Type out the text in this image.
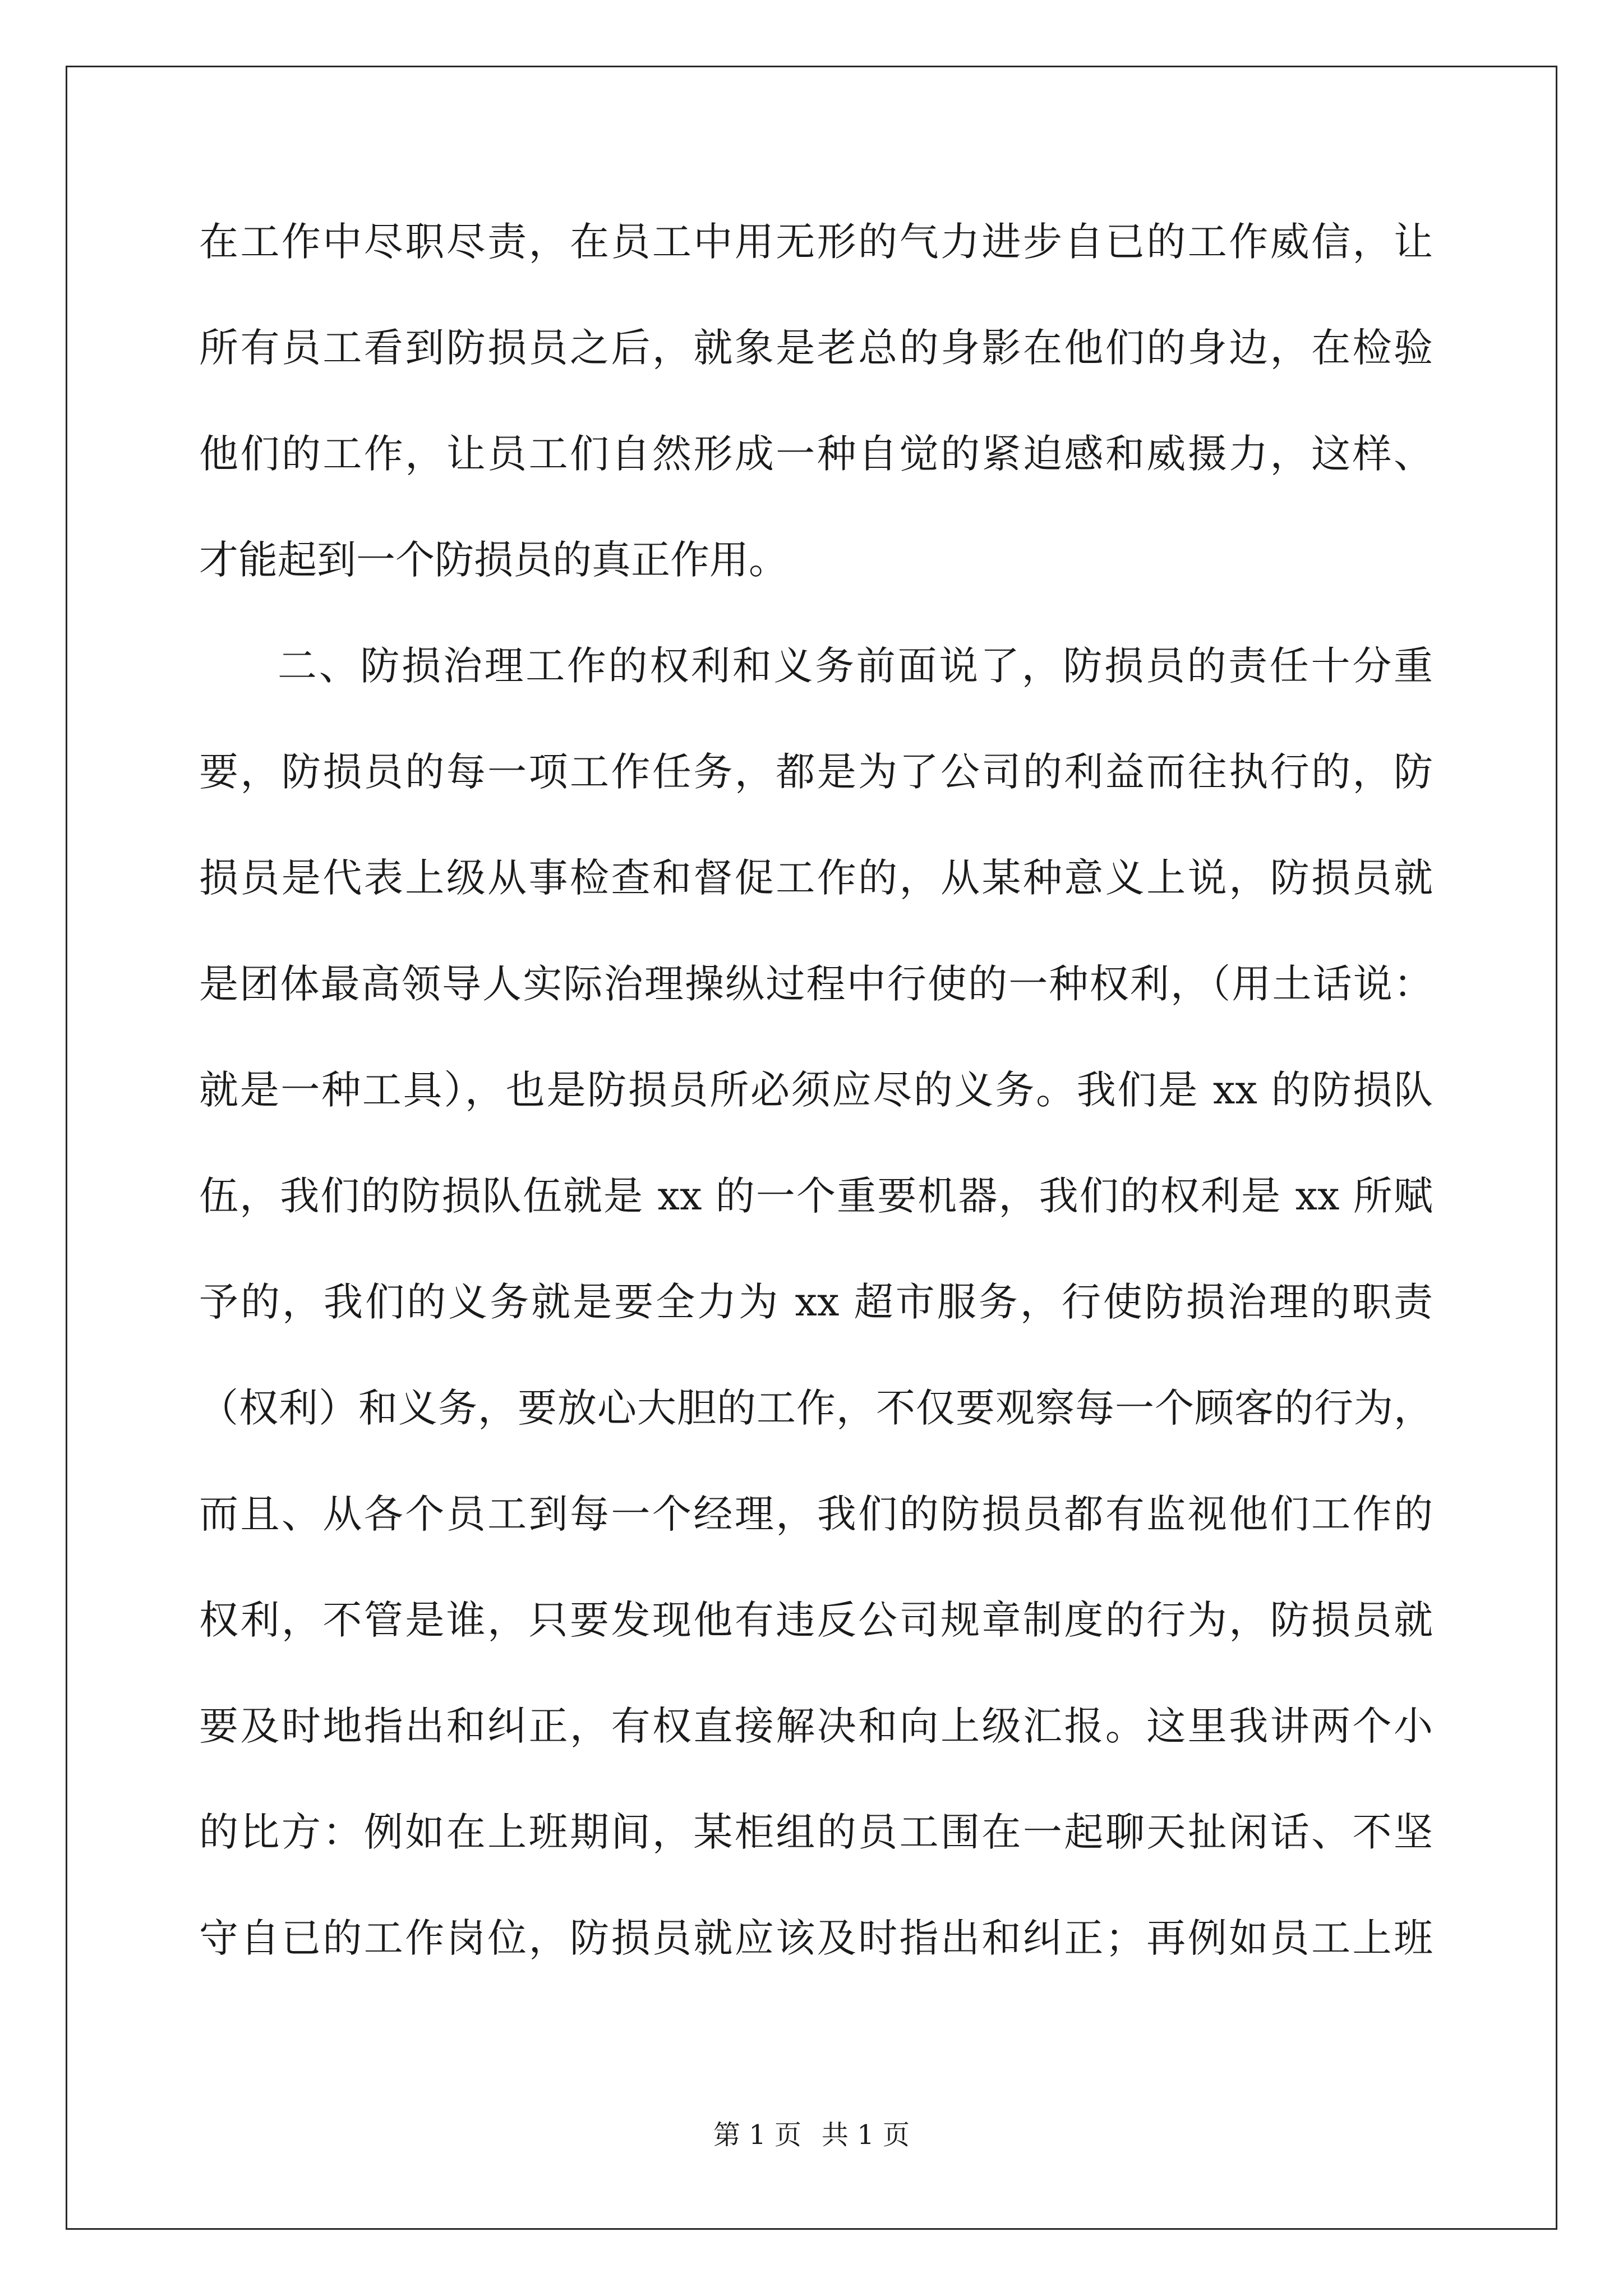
在工作中尽职尽责，在员工中用无形的气力进步自已的工作威信，让
所有员工看到防损员之后，就象是老总的身影在他们的身边，在检验
他们的工作，让员工们自然形成一种自觉的紧迫感和威摄力，这样、
才能起到一个防损员的真正作用。
二、防损治理工作的权利和义务前面说了，防损员的责任十分重
要，防损员的每一项工作任务，都是为了公司的利益而往执行的，防
损员是代表上级从事检查和督促工作的，从某种意义上说，防损员就
是团体最高领导人实际治理操纵过程中行使的一种权利，（用土话说：
就是一种工具），也是防损员所必须应尽的义务。我们是 xx 的防损队
伍，我们的防损队伍就是 xx 的一个重要机器，我们的权利是 xx 所赋
予的，我们的义务就是要全力为 xx 超市服务，行使防损治理的职责
（权利）和义务，要放心大胆的工作，不仅要观察每一个顾客的行为，
而且、从各个员工到每一个经理，我们的防损员都有监视他们工作的
权利，不管是谁，只要发现他有违反公司规章制度的行为，防损员就
要及时地指出和纠正，有权直接解决和向上级汇报。这里我讲两个小
的比方：例如在上班期间，某柜组的员工围在一起聊天扯闲话、不坚
守自已的工作岗位，防损员就应该及时指出和纠正；再例如员工上班
第 1 页 共 1 页
